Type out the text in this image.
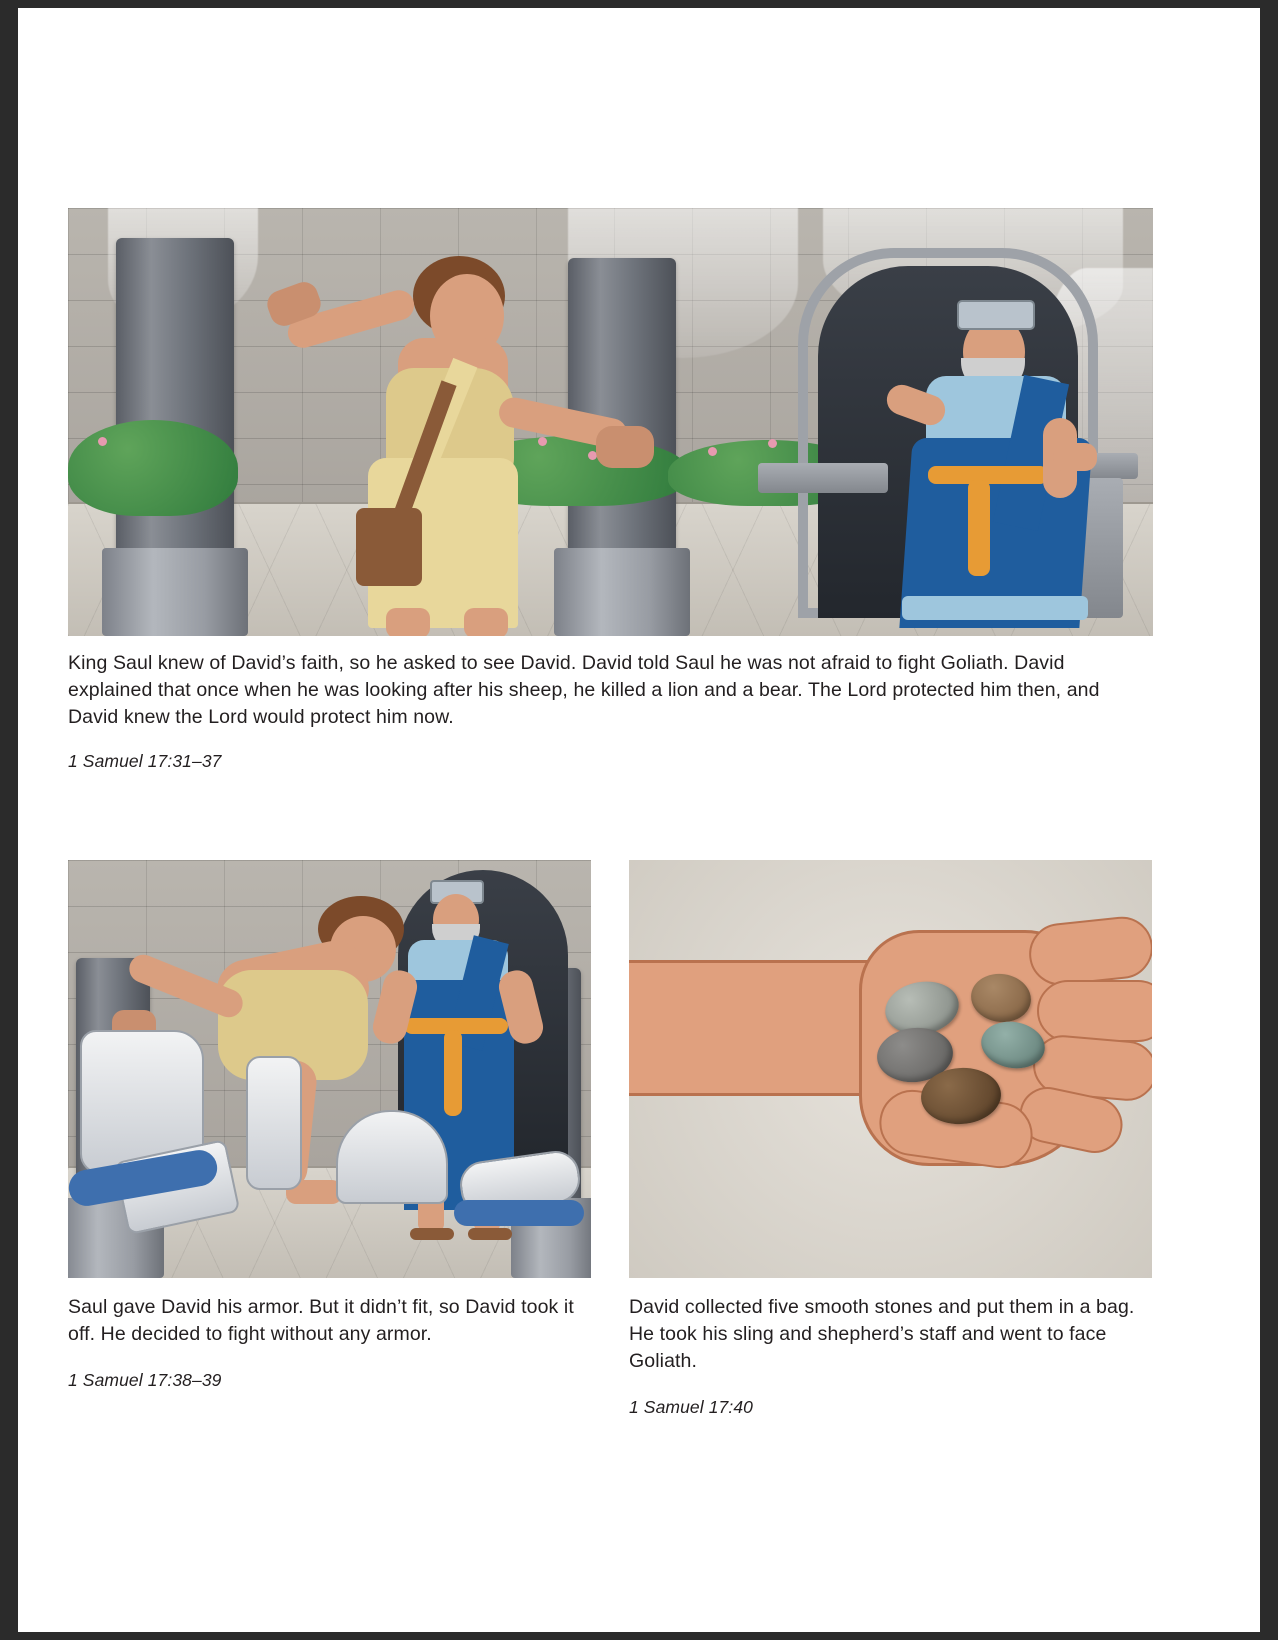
King Saul knew of David’s faith, so he asked to see David. David told Saul he was not afraid to fight Goliath. David explained that once when he was looking after his sheep, he killed a lion and a bear. The Lord protected him then, and David knew the Lord would protect him now.

1 Samuel 17:31–37

Saul gave David his armor. But it didn’t fit, so David took it off. He decided to fight without any armor.

1 Samuel 17:38–39

David collected five smooth stones and put them in a bag. He took his sling and shepherd’s staff and went to face Goliath.

1 Samuel 17:40
